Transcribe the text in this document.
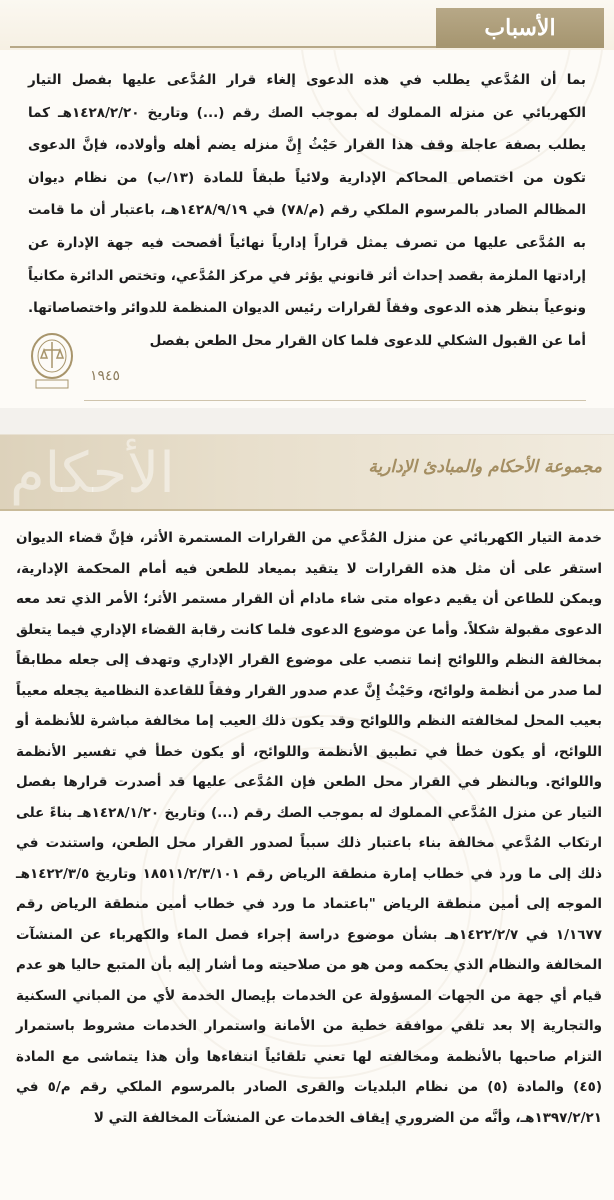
الأسباب

بما أن المُدَّعي يطلب في هذه الدعوى إلغاء قرار المُدَّعى عليها بفصل التيار الكهربائي عن منزله المملوك له بموجب الصك رقم (...) وتاريخ ١٤٢٨/٢/٢٠هـ كما يطلب بصفة عاجلة وقف هذا القرار حَيْثُ إِنَّ منزله يضم أهله وأولاده، فإنَّ الدعوى تكون من اختصاص المحاكم الإدارية ولائياً طبقاً للمادة (١٣/ب) من نظام ديوان المظالم الصادر بالمرسوم الملكي رقم (م/٧٨) في ١٤٢٨/٩/١٩هـ، باعتبار أن ما قامت به المُدَّعى عليها من تصرف يمثل قراراً إدارياً نهائياً أفصحت فيه جهة الإدارة عن إرادتها الملزمة بقصد إحداث أثر قانوني يؤثر في مركز المُدَّعي، وتختص الدائرة مكانياً ونوعياً بنظر هذه الدعوى وفقاً لقرارات رئيس الديوان المنظمة للدوائر واختصاصاتها. أما عن القبول الشكلي للدعوى فلما كان القرار محل الطعن بفصل

١٩٤٥
الأحكام	مجموعة الأحكام والمبادئ الإدارية

خدمة التيار الكهربائي عن منزل المُدَّعي من القرارات المستمرة الأثر، فإنَّ قضاء الديوان استقر على أن مثل هذه القرارات لا يتقيد بميعاد للطعن فيه أمام المحكمة الإدارية، ويمكن للطاعن أن يقيم دعواه متى شاء مادام أن القرار مستمر الأثر؛ الأمر الذي تعد معه الدعوى مقبولة شكلاً. وأما عن موضوع الدعوى فلما كانت رقابة القضاء الإداري فيما يتعلق بمخالفة النظم واللوائح إنما تنصب على موضوع القرار الإداري وتهدف إلى جعله مطابقاً لما صدر من أنظمة ولوائح، وحَيْثُ إِنَّ عدم صدور القرار وفقاً للقاعدة النظامية يجعله معيباً بعيب المحل لمخالفته النظم واللوائح وقد يكون ذلك العيب إما مخالفة مباشرة للأنظمة أو اللوائح، أو يكون خطأ في تطبيق الأنظمة واللوائح، أو يكون خطأ في تفسير الأنظمة واللوائح. وبالنظر في القرار محل الطعن فإن المُدَّعى عليها قد أصدرت قرارها بفصل التيار عن منزل المُدَّعي المملوك له بموجب الصك رقم (...) وتاريخ ١٤٢٨/١/٢٠هـ بناءً على ارتكاب المُدَّعي مخالفة بناء باعتبار ذلك سبباً لصدور القرار محل الطعن، واستندت في ذلك إلى ما ورد في خطاب إمارة منطقة الرياض رقم ١٨٥١١/٢/٣/١٠١ وتاريخ ١٤٢٢/٣/٥هـ الموجه إلى أمين منطقة الرياض "باعتماد ما ورد في خطاب أمين منطقة الرياض رقم ١/١٦٧٧ في ١٤٢٢/٢/٧هـ بشأن موضوع دراسة إجراء فصل الماء والكهرباء عن المنشآت المخالفة والنظام الذي يحكمه ومن هو من صلاحيته وما أشار إليه بأن المتبع حاليا هو عدم قيام أي جهة من الجهات المسؤولة عن الخدمات بإيصال الخدمة لأي من المباني السكنية والتجارية إلا بعد تلقي موافقة خطية من الأمانة واستمرار الخدمات مشروط باستمرار التزام صاحبها بالأنظمة ومخالفته لها تعني تلقائياً انتفاءها وأن هذا يتماشى مع المادة (٤٥) والمادة (٥) من نظام البلديات والقرى الصادر بالمرسوم الملكي رقم م/٥ في ١٣٩٧/٢/٢١هـ، وأنَّه من الضروري إيقاف الخدمات عن المنشآت المخالفة التي لا
